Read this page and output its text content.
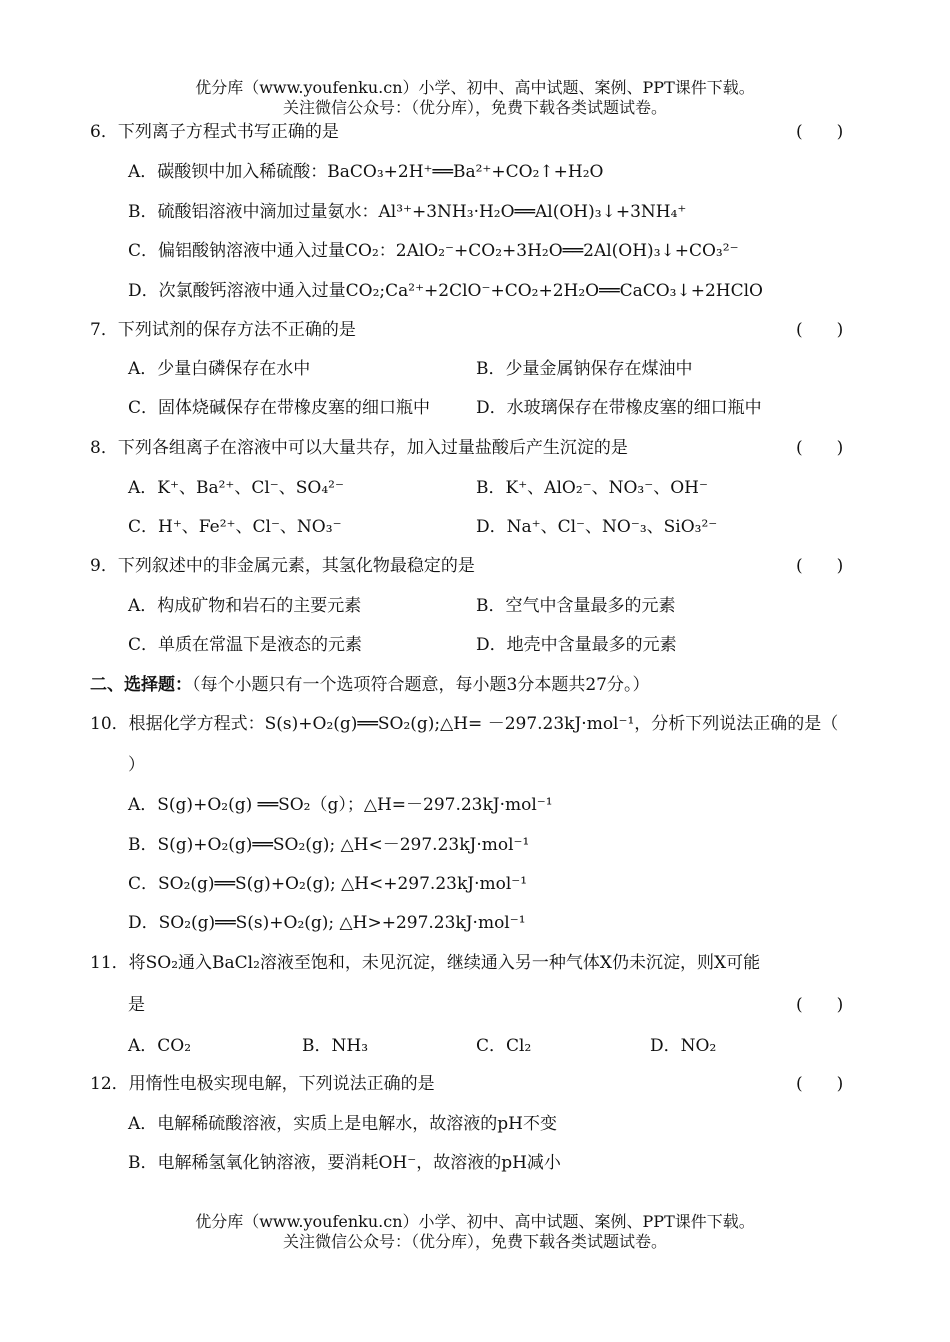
优分库（www.youfenku.cn）小学、初中、高中试题、案例、PPT课件下载。
关注微信公众号：（优分库），免费下载各类试题试卷。
6．下列离子方程式书写正确的是	(　　)
A．碳酸钡中加入稀硫酸：BaCO₃+2H⁺══Ba²⁺+CO₂↑+H₂O
B．硫酸铝溶液中滴加过量氨水：Al³⁺+3NH₃·H₂O══Al(OH)₃↓+3NH₄⁺
C．偏铝酸钠溶液中通入过量CO₂：2AlO₂⁻+CO₂+3H₂O══2Al(OH)₃↓+CO₃²⁻
D．次氯酸钙溶液中通入过量CO₂;Ca²⁺+2ClO⁻+CO₂+2H₂O══CaCO₃↓+2HClO
7．下列试剂的保存方法不正确的是	(　　)
A．少量白磷保存在水中	B．少量金属钠保存在煤油中
C．固体烧碱保存在带橡皮塞的细口瓶中	D．水玻璃保存在带橡皮塞的细口瓶中
8．下列各组离子在溶液中可以大量共存，加入过量盐酸后产生沉淀的是	(　　)
A．K⁺、Ba²⁺、Cl⁻、SO₄²⁻	B．K⁺、AlO₂⁻、NO₃⁻、OH⁻
C．H⁺、Fe²⁺、Cl⁻、NO₃⁻	D．Na⁺、Cl⁻、NO⁻₃、SiO₃²⁻
9．下列叙述中的非金属元素，其氢化物最稳定的是	(　　)
A．构成矿物和岩石的主要元素	B．空气中含量最多的元素
C．单质在常温下是液态的元素	D．地壳中含量最多的元素
二、选择题：（每个小题只有一个选项符合题意，每小题3分本题共27分。）
10．根据化学方程式：S(s)+O₂(g)══SO₂(g);△H= －297.23kJ·mol⁻¹，分析下列说法正确的是（
）
A．S(g)+O₂(g) ══SO₂（g）；△H=－297.23kJ·mol⁻¹
B．S(g)+O₂(g)══SO₂(g); △H<－297.23kJ·mol⁻¹
C．SO₂(g)══S(g)+O₂(g); △H<+297.23kJ·mol⁻¹
D．SO₂(g)══S(s)+O₂(g); △H>+297.23kJ·mol⁻¹
11．将SO₂通入BaCl₂溶液至饱和，未见沉淀，继续通入另一种气体X仍未沉淀，则X可能
是	(　　)
A．CO₂	B．NH₃	C．Cl₂	D．NO₂
12．用惰性电极实现电解，下列说法正确的是	(　　)
A．电解稀硫酸溶液，实质上是电解水，故溶液的pH不变
B．电解稀氢氧化钠溶液，要消耗OH⁻，故溶液的pH减小
优分库（www.youfenku.cn）小学、初中、高中试题、案例、PPT课件下载。
关注微信公众号：（优分库），免费下载各类试题试卷。
